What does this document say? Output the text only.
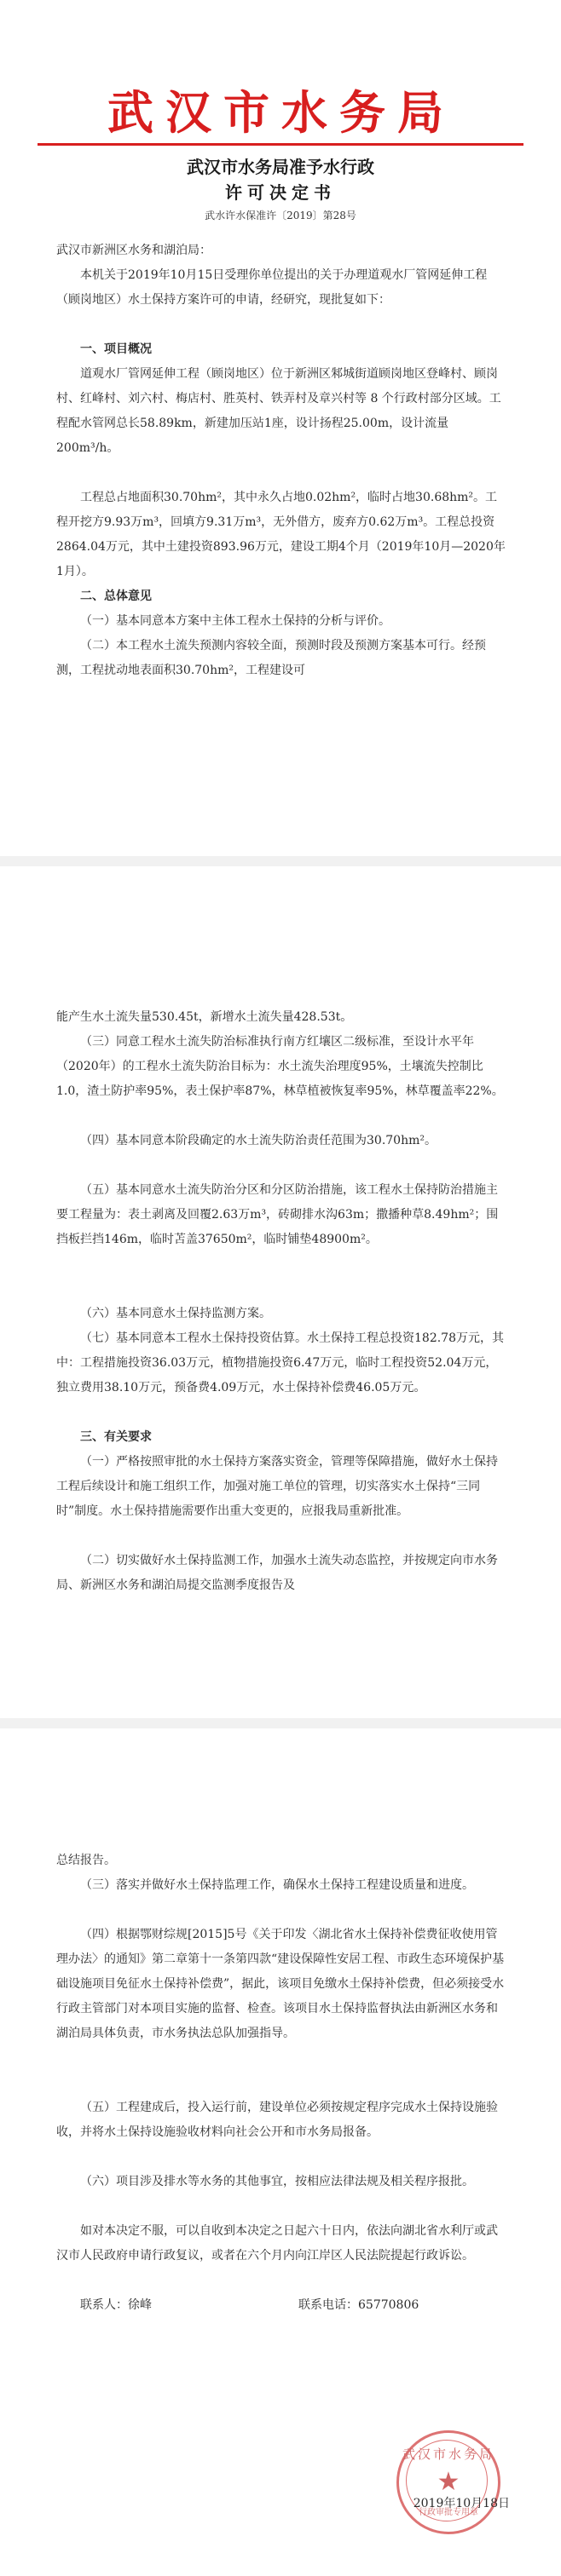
武汉市水务局
武汉市水务局准予水行政
许可决定书
武水许水保准许〔2019〕第28号
武汉市新洲区水务和湖泊局：
本机关于2019年10月15日受理你单位提出的关于办理道观水厂管网延伸工程（顾岗地区）水土保持方案许可的申请，经研究，现批复如下：
一、项目概况
道观水厂管网延伸工程（顾岗地区）位于新洲区邾城街道顾岗地区登峰村、顾岗村、红峰村、刘六村、梅店村、胜英村、铁弄村及章兴村等 8 个行政村部分区域。工程配水管网总长58.89km，新建加压站1座，设计扬程25.00m，设计流量200m³/h。
工程总占地面积30.70hm²，其中永久占地0.02hm²，临时占地30.68hm²。工程开挖方9.93万m³，回填方9.31万m³，无外借方，废弃方0.62万m³。工程总投资2864.04万元，其中土建投资893.96万元，建设工期4个月（2019年10月—2020年1月）。
二、总体意见
（一）基本同意本方案中主体工程水土保持的分析与评价。
（二）本工程水土流失预测内容较全面，预测时段及预测方案基本可行。经预测，工程扰动地表面积30.70hm²，工程建设可
能产生水土流失量530.45t，新增水土流失量428.53t。
（三）同意工程水土流失防治标准执行南方红壤区二级标准，至设计水平年（2020年）的工程水土流失防治目标为：水土流失治理度95%，土壤流失控制比1.0，渣土防护率95%，表土保护率87%，林草植被恢复率95%，林草覆盖率22%。
（四）基本同意本阶段确定的水土流失防治责任范围为30.70hm²。
（五）基本同意水土流失防治分区和分区防治措施，该工程水土保持防治措施主要工程量为：表土剥离及回覆2.63万m³，砖砌排水沟63m；撒播种草8.49hm²；围挡板拦挡146m，临时苫盖37650m²，临时铺垫48900m²。
（六）基本同意水土保持监测方案。
（七）基本同意本工程水土保持投资估算。水土保持工程总投资182.78万元，其中：工程措施投资36.03万元，植物措施投资6.47万元，临时工程投资52.04万元，独立费用38.10万元，预备费4.09万元，水土保持补偿费46.05万元。
三、有关要求
（一）严格按照审批的水土保持方案落实资金，管理等保障措施，做好水土保持工程后续设计和施工组织工作，加强对施工单位的管理，切实落实水土保持“三同时”制度。水土保持措施需要作出重大变更的，应报我局重新批准。
（二）切实做好水土保持监测工作，加强水土流失动态监控，并按规定向市水务局、新洲区水务和湖泊局提交监测季度报告及
总结报告。
（三）落实并做好水土保持监理工作，确保水土保持工程建设质量和进度。
（四）根据鄂财综规[2015]5号《关于印发〈湖北省水土保持补偿费征收使用管理办法〉的通知》第二章第十一条第四款“建设保障性安居工程、市政生态环境保护基础设施项目免征水土保持补偿费”，据此，该项目免缴水土保持补偿费，但必须接受水行政主管部门对本项目实施的监督、检查。该项目水土保持监督执法由新洲区水务和湖泊局具体负责，市水务执法总队加强指导。
（五）工程建成后，投入运行前，建设单位必须按规定程序完成水土保持设施验收，并将水土保持设施验收材料向社会公开和市水务局报备。
（六）项目涉及排水等水务的其他事宜，按相应法律法规及相关程序报批。
如对本决定不服，可以自收到本决定之日起六十日内，依法向湖北省水利厅或武汉市人民政府申请行政复议，或者在六个月内向江岸区人民法院提起行政诉讼。
联系人：徐峰	联系电话：65770806
武汉市水务局
★
行政审批专用章
2019年10月18日
